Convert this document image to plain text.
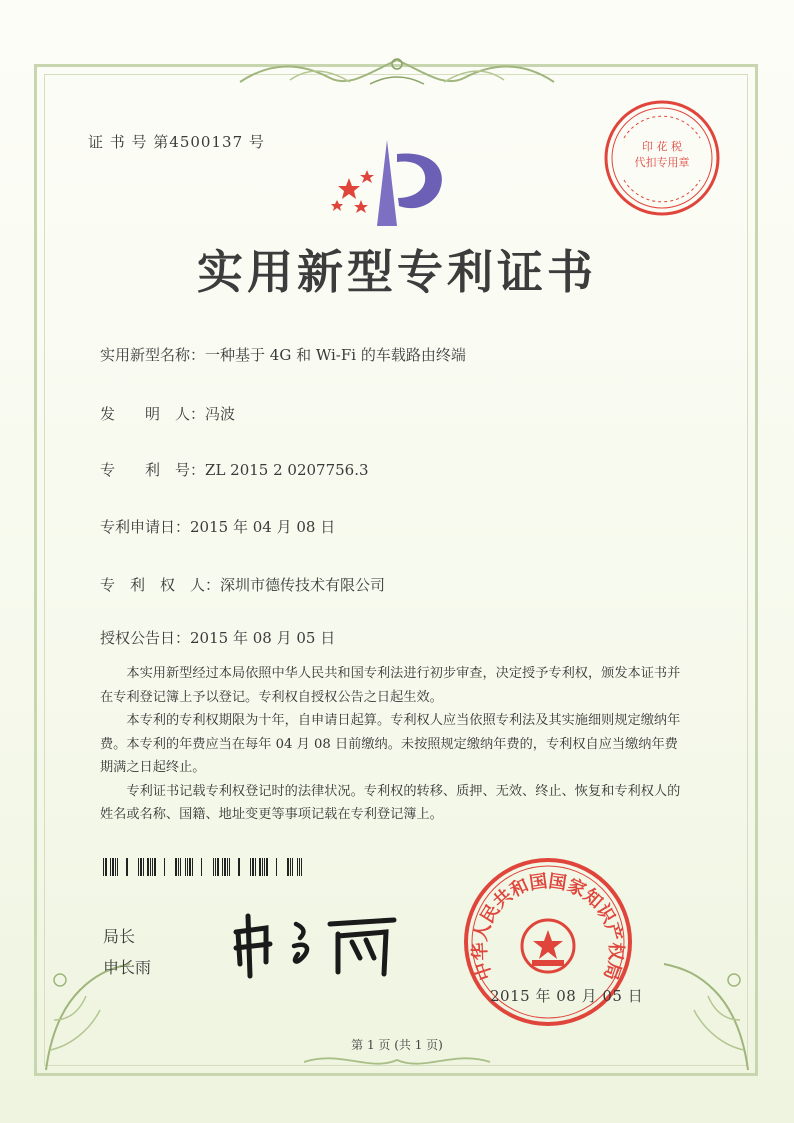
证 书 号 第4500137 号	印 花 税
代扣专用章
实用新型专利证书
实用新型名称：一种基于 4G 和 Wi-Fi 的车载路由终端
发　　明　人：冯波
专　　利　号：ZL 2015 2 0207756.3
专利申请日：2015 年 04 月 08 日
专　利　权　人：深圳市德传技术有限公司
授权公告日：2015 年 08 月 05 日

本实用新型经过本局依照中华人民共和国专利法进行初步审查，决定授予专利权，颁发本证书并在专利登记簿上予以登记。专利权自授权公告之日起生效。

本专利的专利权期限为十年，自申请日起算。专利权人应当依照专利法及其实施细则规定缴纳年费。本专利的年费应当在每年 04 月 08 日前缴纳。未按照规定缴纳年费的，专利权自应当缴纳年费期满之日起终止。

专利证书记载专利权登记时的法律状况。专利权的转移、质押、无效、终止、恢复和专利权人的姓名或名称、国籍、地址变更等事项记载在专利登记簿上。

局长
申长雨	中华人民共和国国家知识产权局
2015 年 08 月 05 日
第 1 页 (共 1 页)
